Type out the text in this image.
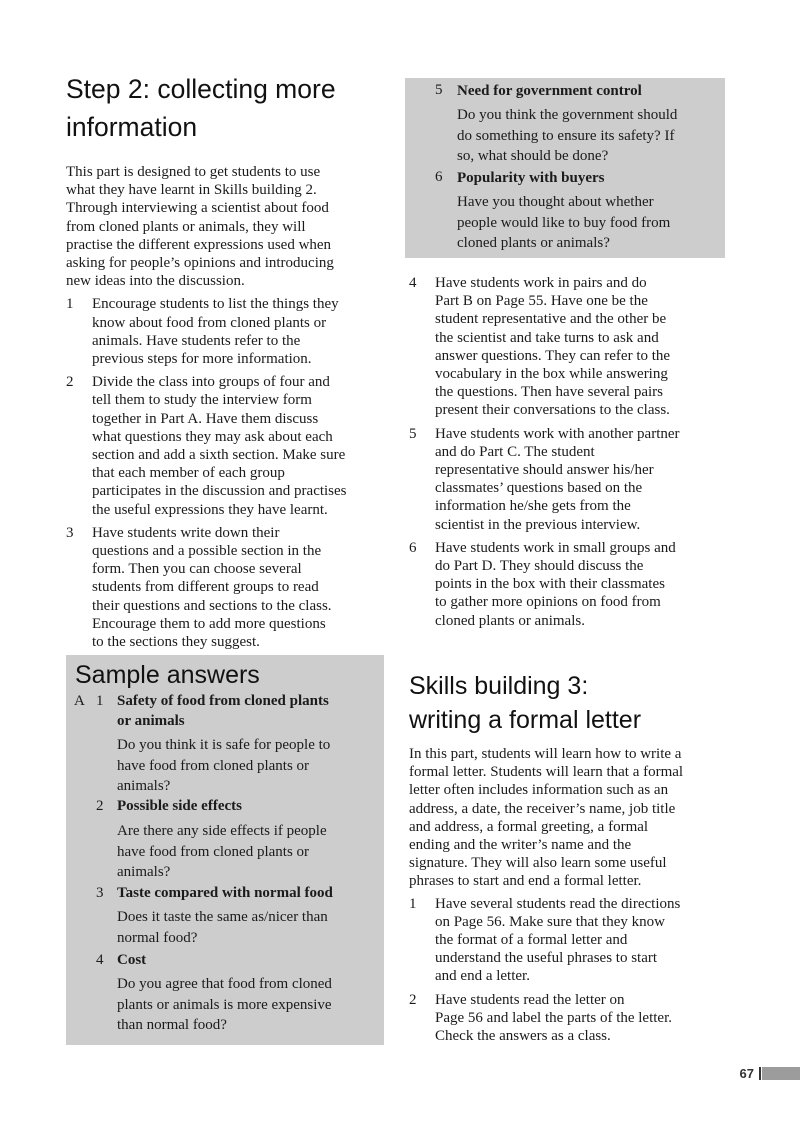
Step 2: collecting more
information
This part is designed to get students to use
what they have learnt in Skills building 2.
Through interviewing a scientist about food
from cloned plants or animals, they will
practise the different expressions used when
asking for people’s opinions and introducing
new ideas into the discussion.
1 Encourage students to list the things they
know about food from cloned plants or
animals. Have students refer to the
previous steps for more information.
2 Divide the class into groups of four and
tell them to study the interview form
together in Part A. Have them discuss
what questions they may ask about each
section and add a sixth section. Make sure
that each member of each group
participates in the discussion and practises
the useful expressions they have learnt.
3 Have students write down their
questions and a possible section in the
form. Then you can choose several
students from different groups to read
their questions and sections to the class.
Encourage them to add more questions
to the sections they suggest.
Sample answers
A 1 Safety of food from cloned plants
or animals
Do you think it is safe for people to
have food from cloned plants or
animals?
2 Possible side effects
Are there any side effects if people
have food from cloned plants or
animals?
3 Taste compared with normal food
Does it taste the same as/nicer than
normal food?
4 Cost
Do you agree that food from cloned
plants or animals is more expensive
than normal food?
5 Need for government control
Do you think the government should
do something to ensure its safety? If
so, what should be done?
6 Popularity with buyers
Have you thought about whether
people would like to buy food from
cloned plants or animals?
4 Have students work in pairs and do
Part B on Page 55. Have one be the
student representative and the other be
the scientist and take turns to ask and
answer questions. They can refer to the
vocabulary in the box while answering
the questions. Then have several pairs
present their conversations to the class.
5 Have students work with another partner
and do Part C. The student
representative should answer his/her
classmates’ questions based on the
information he/she gets from the
scientist in the previous interview.
6 Have students work in small groups and
do Part D. They should discuss the
points in the box with their classmates
to gather more opinions on food from
cloned plants or animals.
Skills building 3:
writing a formal letter
In this part, students will learn how to write a
formal letter. Students will learn that a formal
letter often includes information such as an
address, a date, the receiver’s name, job title
and address, a formal greeting, a formal
ending and the writer’s name and the
signature. They will also learn some useful
phrases to start and end a formal letter.
1 Have several students read the directions
on Page 56. Make sure that they know
the format of a formal letter and
understand the useful phrases to start
and end a letter.
2 Have students read the letter on
Page 56 and label the parts of the letter.
Check the answers as a class.
67
